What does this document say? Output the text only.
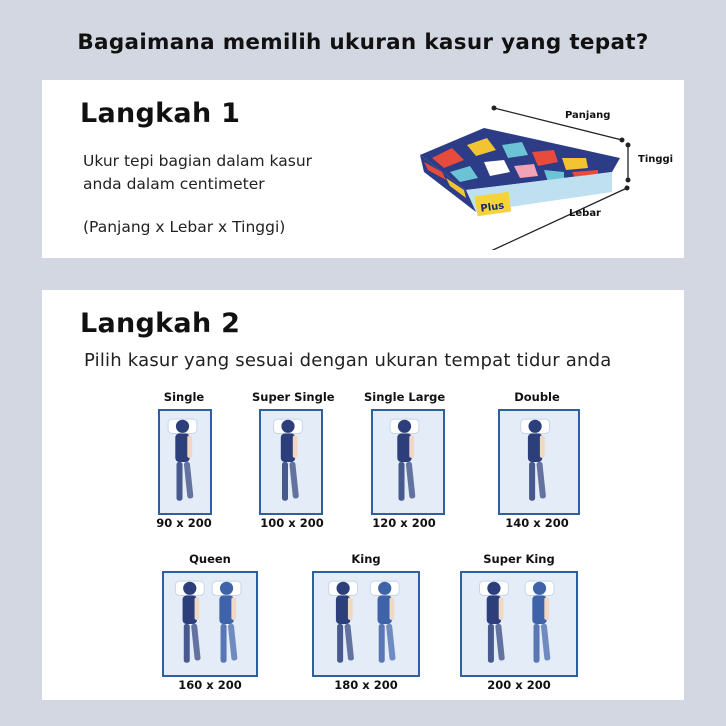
Bagaimana memilih ukuran kasur yang tepat?
Langkah 1
Ukur tepi bagian dalam kasur
anda dalam centimeter
(Panjang x Lebar x Tinggi)
Plus
Panjang
Tinggi
Lebar
Langkah 2
Pilih kasur yang sesuai dengan ukuran tempat tidur anda
Single
90 x 200
Super Single
100 x 200
Single Large
120 x 200
Double
140 x 200
Queen
160 x 200
King
180 x 200
Super King
200 x 200
